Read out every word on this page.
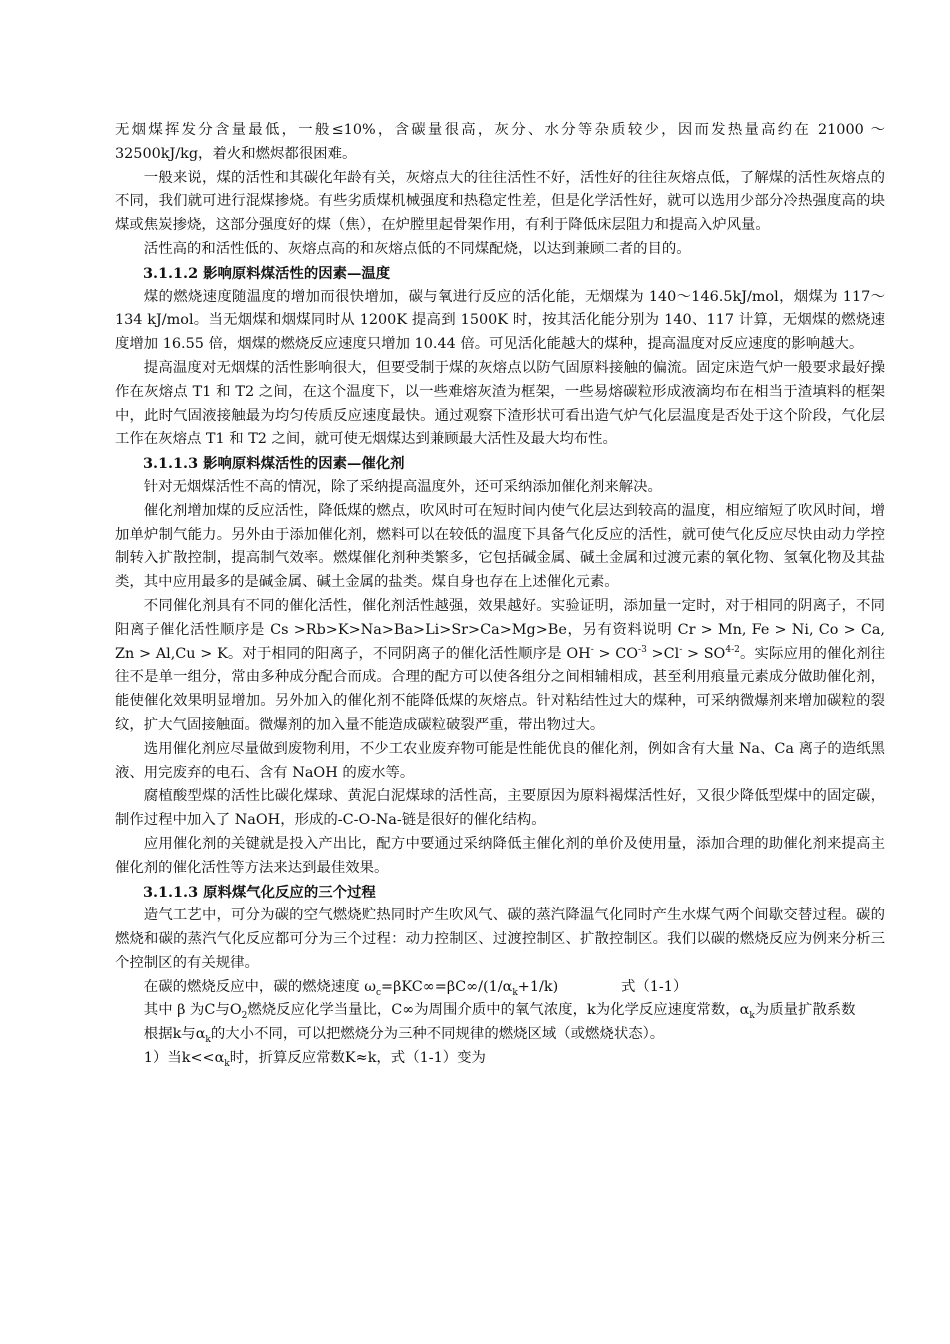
无烟煤挥发分含量最低，一般≤10%，含碳量很高，灰分、水分等杂质较少，因而发热量高约在 21000 ～32500kJ/kg，着火和燃烬都很困难。

一般来说，煤的活性和其碳化年龄有关，灰熔点大的往往活性不好，活性好的往往灰熔点低，了解煤的活性灰熔点的不同，我们就可进行混煤掺烧。有些劣质煤机械强度和热稳定性差，但是化学活性好，就可以选用少部分冷热强度高的块煤或焦炭掺烧，这部分强度好的煤（焦），在炉膛里起骨架作用，有利于降低床层阻力和提高入炉风量。

活性高的和活性低的、灰熔点高的和灰熔点低的不同煤配烧，以达到兼顾二者的目的。

3.1.1.2 影响原料煤活性的因素—温度

煤的燃烧速度随温度的增加而很快增加，碳与氧进行反应的活化能，无烟煤为 140～146.5kJ/mol，烟煤为 117～134 kJ/mol。当无烟煤和烟煤同时从 1200K 提高到 1500K 时，按其活化能分别为 140、117 计算，无烟煤的燃烧速度增加 16.55 倍，烟煤的燃烧反应速度只增加 10.44 倍。可见活化能越大的煤种，提高温度对反应速度的影响越大。

提高温度对无烟煤的活性影响很大，但要受制于煤的灰熔点以防气固原料接触的偏流。固定床造气炉一般要求最好操作在灰熔点 T1 和 T2 之间，在这个温度下，以一些难熔灰渣为框架，一些易熔碳粒形成液滴均布在相当于渣填料的框架中，此时气固液接触最为均匀传质反应速度最快。通过观察下渣形状可看出造气炉气化层温度是否处于这个阶段，气化层工作在灰熔点 T1 和 T2 之间，就可使无烟煤达到兼顾最大活性及最大均布性。

3.1.1.3 影响原料煤活性的因素—催化剂

针对无烟煤活性不高的情况，除了采纳提高温度外，还可采纳添加催化剂来解决。

催化剂增加煤的反应活性，降低煤的燃点，吹风时可在短时间内使气化层达到较高的温度，相应缩短了吹风时间，增加单炉制气能力。另外由于添加催化剂，燃料可以在较低的温度下具备气化反应的活性，就可使气化反应尽快由动力学控制转入扩散控制，提高制气效率。燃煤催化剂种类繁多，它包括碱金属、碱土金属和过渡元素的氧化物、氢氧化物及其盐类，其中应用最多的是碱金属、碱土金属的盐类。煤自身也存在上述催化元素。

不同催化剂具有不同的催化活性，催化剂活性越强，效果越好。实验证明，添加量一定时，对于相同的阴离子，不同阳离子催化活性顺序是 Cs >Rb>K>Na>Ba>Li>Sr>Ca>Mg>Be，另有资料说明 Cr > Mn, Fe > Ni, Co > Ca, Zn > Al,Cu > K。对于相同的阳离子，不同阴离子的催化活性顺序是 $OH^- > CO^{-3} >Cl^- > SO^{4-2}$。实际应用的催化剂往往不是单一组分，常由多种成分配合而成。合理的配方可以使各组分之间相辅相成，甚至利用痕量元素成分做助催化剂，能使催化效果明显增加。另外加入的催化剂不能降低煤的灰熔点。针对粘结性过大的煤种，可采纳微爆剂来增加碳粒的裂纹，扩大气固接触面。微爆剂的加入量不能造成碳粒破裂严重，带出物过大。

选用催化剂应尽量做到废物利用，不少工农业废弃物可能是性能优良的催化剂，例如含有大量 Na、Ca 离子的造纸黑液、用完废弃的电石、含有 NaOH 的废水等。

腐植酸型煤的活性比碳化煤球、黄泥白泥煤球的活性高，主要原因为原料褐煤活性好，又很少降低型煤中的固定碳，制作过程中加入了 NaOH，形成的-C-O-Na-链是很好的催化结构。

应用催化剂的关键就是投入产出比，配方中要通过采纳降低主催化剂的单价及使用量，添加合理的助催化剂来提高主催化剂的催化活性等方法来达到最佳效果。

3.1.1.3 原料煤气化反应的三个过程

造气工艺中，可分为碳的空气燃烧贮热同时产生吹风气、碳的蒸汽降温气化同时产生水煤气两个间歇交替过程。碳的燃烧和碳的蒸汽气化反应都可分为三个过程：动力控制区、过渡控制区、扩散控制区。我们以碳的燃烧反应为例来分析三个控制区的有关规律。

在碳的燃烧反应中，碳的燃烧速度 $\omega_c=\beta KC\infty=\beta C\infty/(1/\alpha_k+1/k)$	式（1-1）

其中 β 为C与$O_2$燃烧反应化学当量比，C∞为周围介质中的氧气浓度，k为化学反应速度常数，$\alpha_k$为质量扩散系数

根据k与$\alpha_k$的大小不同，可以把燃烧分为三种不同规律的燃烧区域（或燃烧状态）。

1）当$k<<\alpha_k$时，折算反应常数K≈k，式（1-1）变为
